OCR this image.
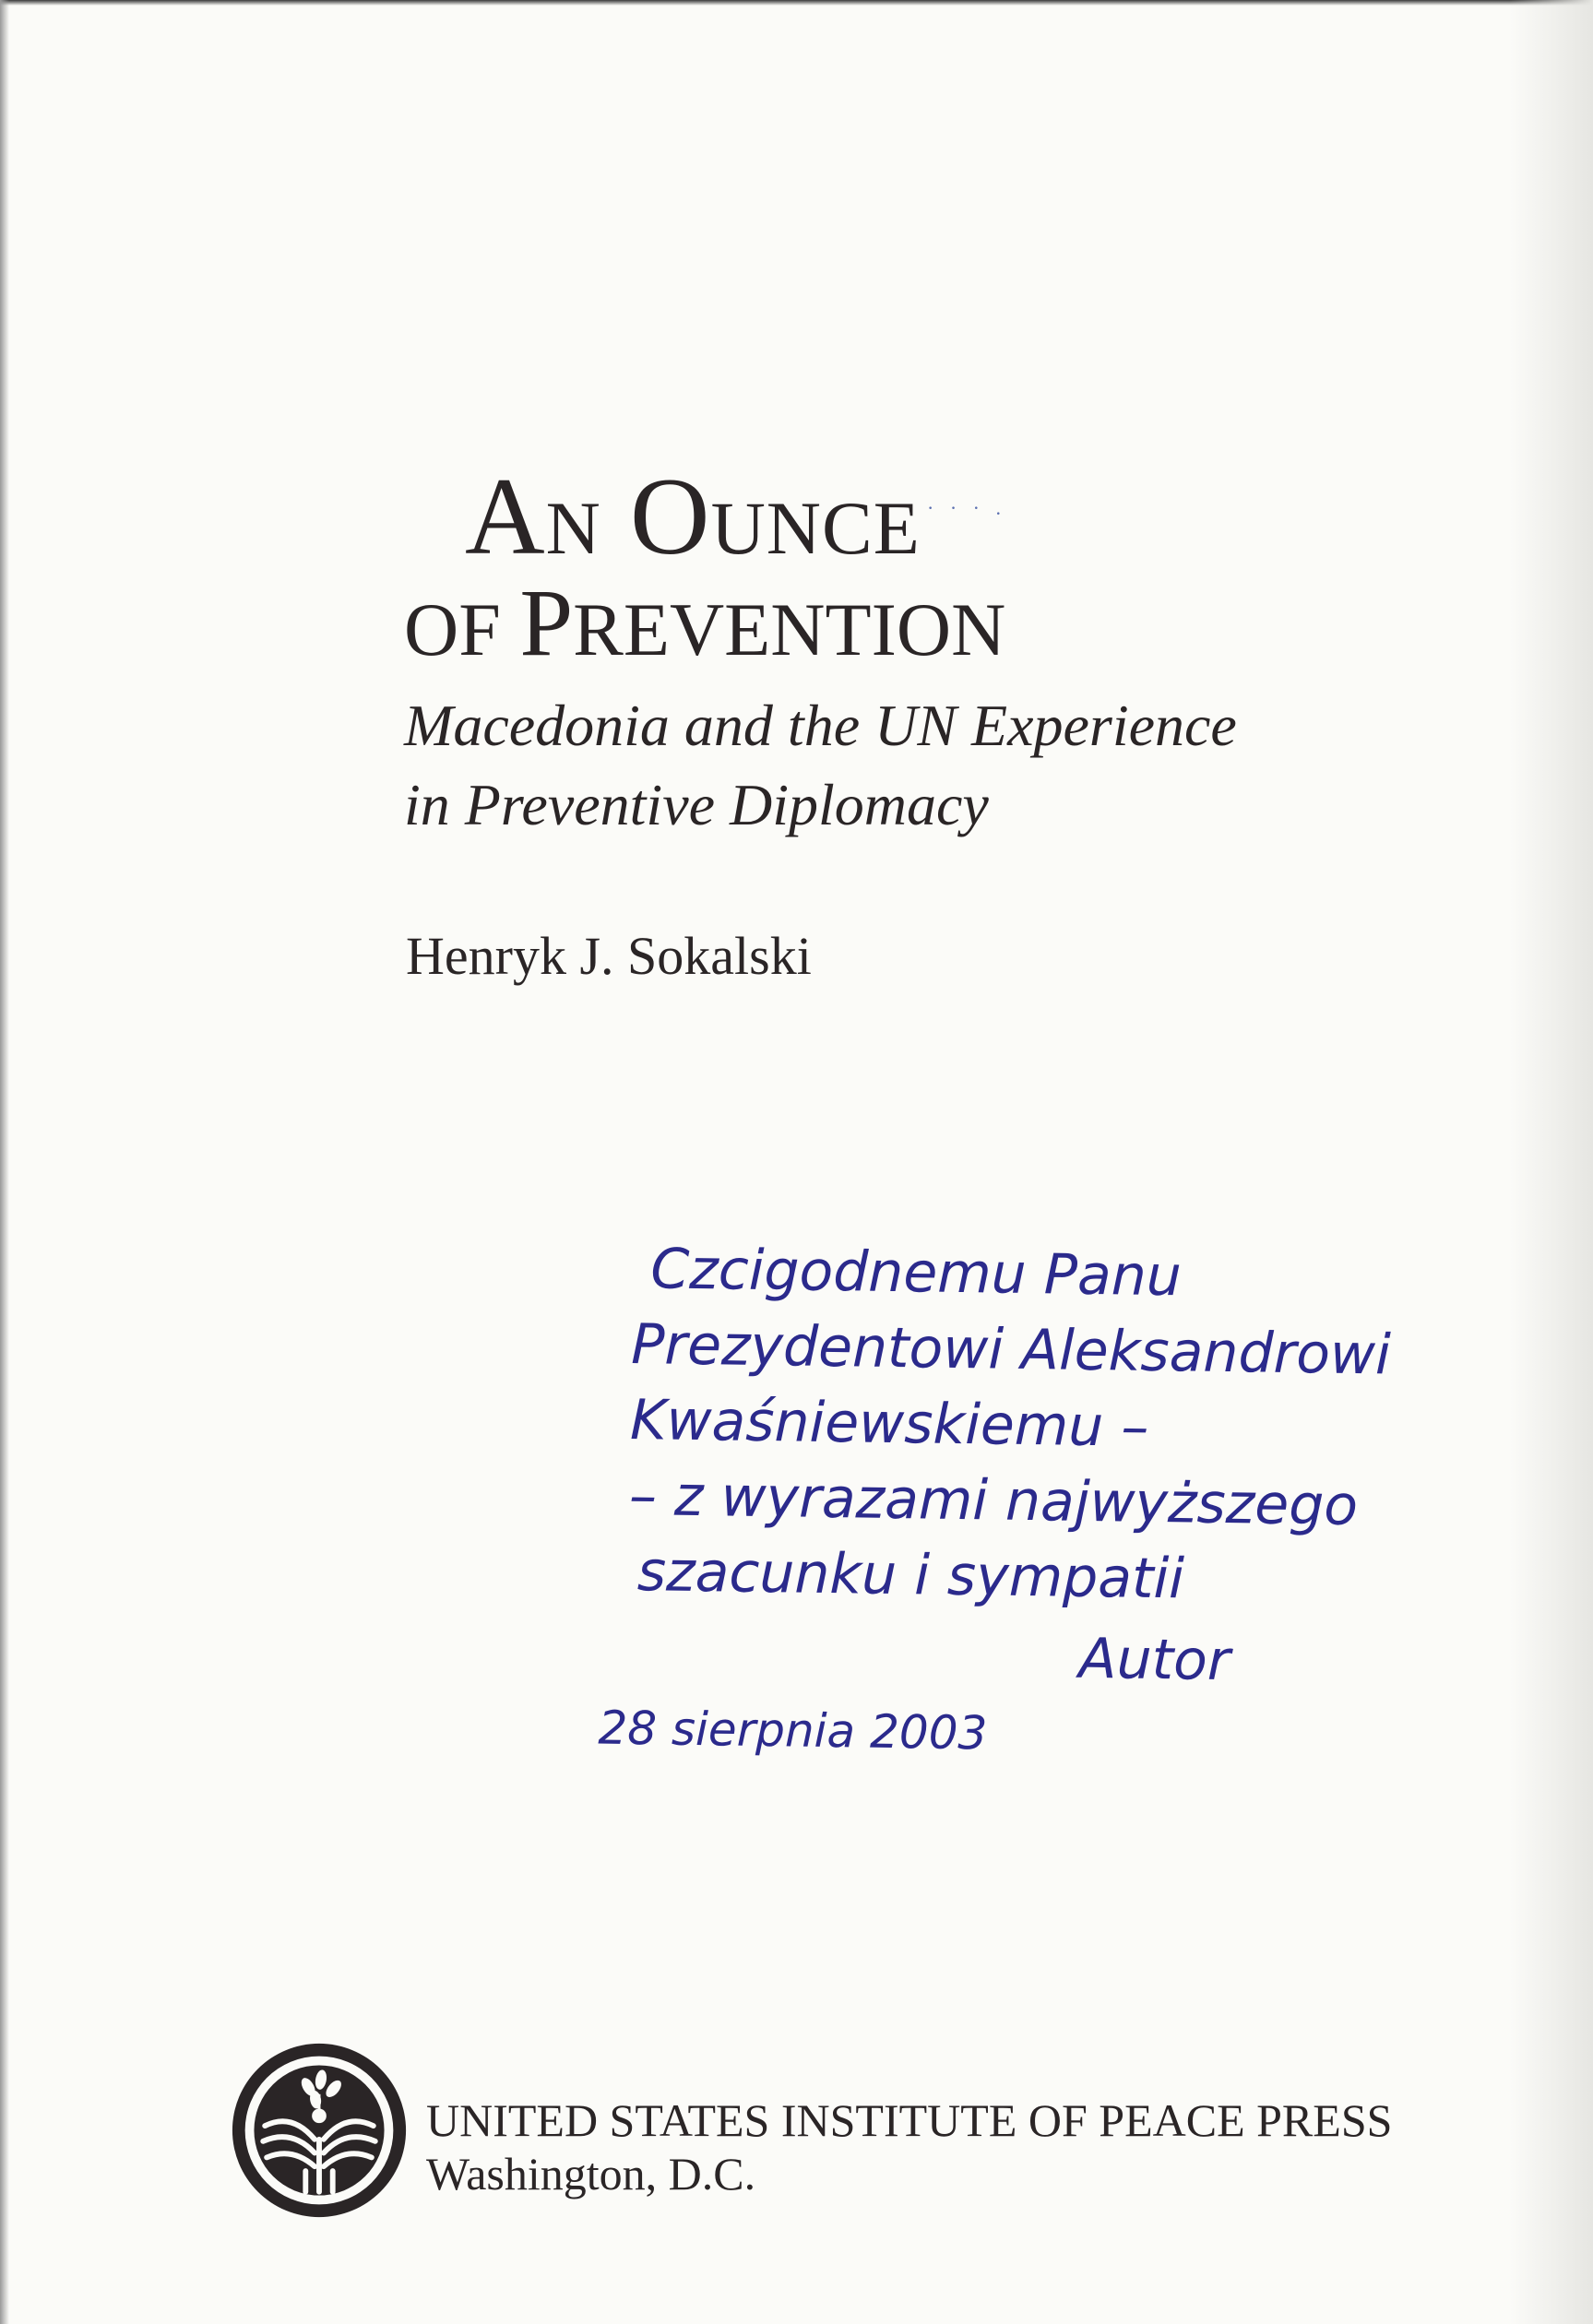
· · · .
AN OUNCE
OF PREVENTION
Macedonia and the UN Experience
in Preventive Diplomacy
Henryk J. Sokalski
Czcigodnemu Panu
Prezydentowi Aleksandrowi
Kwaśniewskiemu –
– z wyrazami najwyższego
szacunku i sympatii
Autor
28 sierpnia 2003
UNITED STATES INSTITUTE OF PEACE PRESS
Washington, D.C.
